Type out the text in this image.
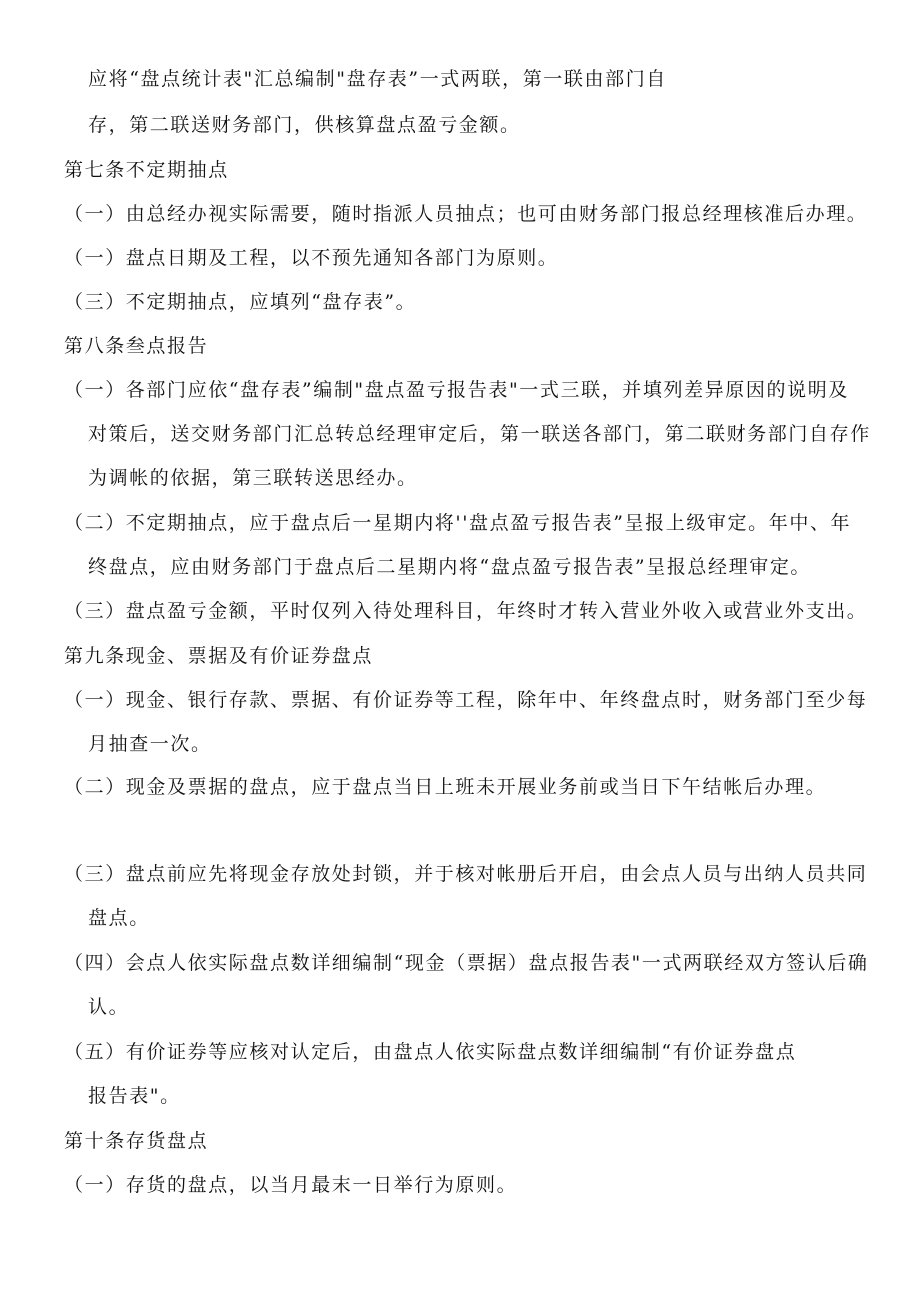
应将“盘点统计表"汇总编制"盘存表”一式两联，第一联由部门自
存，第二联送财务部门，供核算盘点盈亏金额。
第七条不定期抽点
（一）由总经办视实际需要，随时指派人员抽点；也可由财务部门报总经理核准后办理。
（一）盘点日期及工程，以不预先通知各部门为原则。
（三）不定期抽点，应填列“盘存表”。
第八条叁点报告
（一）各部门应依“盘存表”编制"盘点盈亏报告表"一式三联，并填列差异原因的说明及
对策后，送交财务部门汇总转总经理审定后，第一联送各部门，第二联财务部门自存作
为调帐的依据，第三联转送思经办。
（二）不定期抽点，应于盘点后一星期内将''盘点盈亏报告表”呈报上级审定。年中、年
终盘点，应由财务部门于盘点后二星期内将“盘点盈亏报告表”呈报总经理审定。
（三）盘点盈亏金额，平时仅列入待处理科目，年终时才转入营业外收入或营业外支出。
第九条现金、票据及有价证券盘点
（一）现金、银行存款、票据、有价证券等工程，除年中、年终盘点时，财务部门至少每
月抽查一次。
（二）现金及票据的盘点，应于盘点当日上班未开展业务前或当日下午结帐后办理。
（三）盘点前应先将现金存放处封锁，并于核对帐册后开启，由会点人员与出纳人员共同
盘点。
（四）会点人依实际盘点数详细编制“现金（票据）盘点报告表"一式两联经双方签认后确
认。
（五）有价证券等应核对认定后，由盘点人依实际盘点数详细编制“有价证券盘点
报告表"。
第十条存货盘点
（一）存货的盘点，以当月最末一日举行为原则。
